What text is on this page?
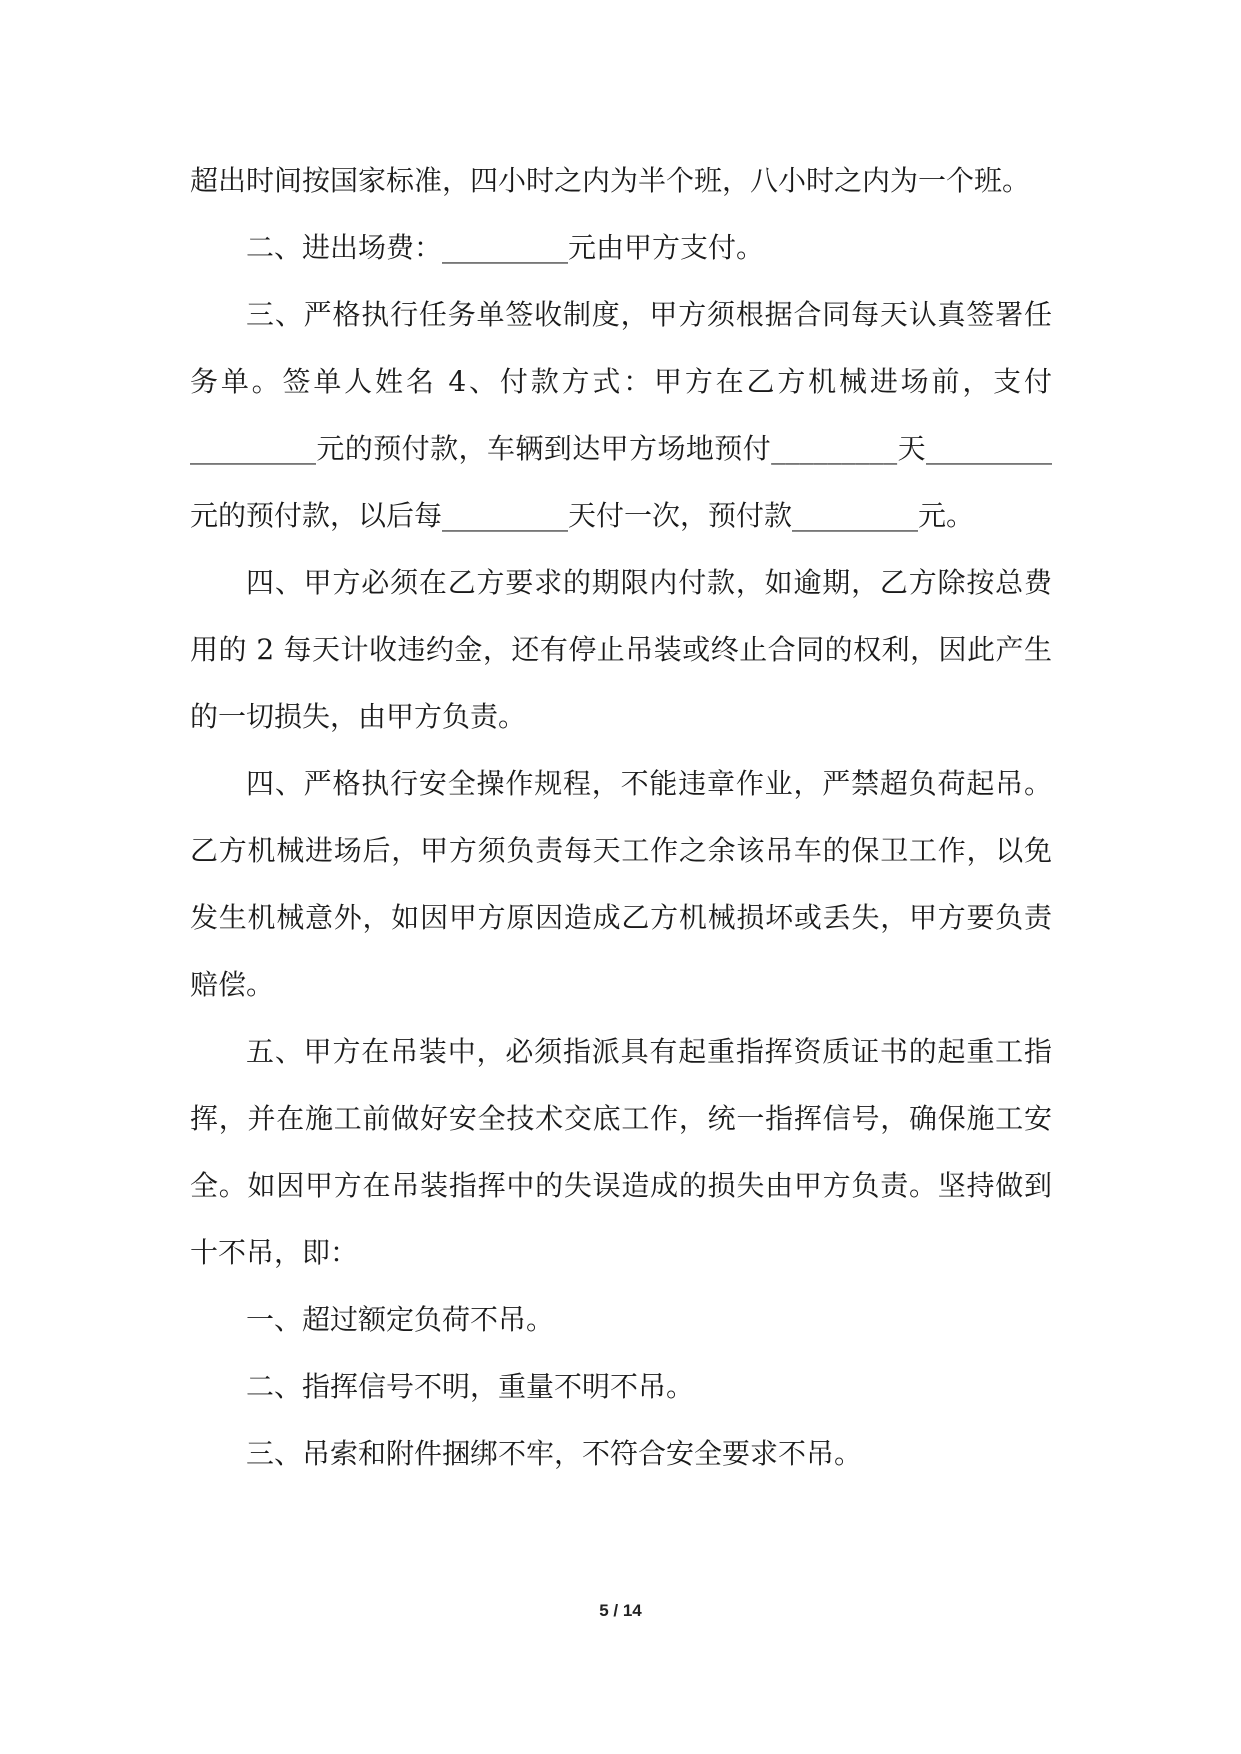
超出时间按国家标准，四小时之内为半个班，八小时之内为一个班。

二、进出场费：_________元由甲方支付。

三、严格执行任务单签收制度，甲方须根据合同每天认真签署任务单。签单人姓名 4、付款方式：甲方在乙方机械进场前，支付_________元的预付款，车辆到达甲方场地预付_________天_________元的预付款，以后每_________天付一次，预付款_________元。

四、甲方必须在乙方要求的期限内付款，如逾期，乙方除按总费用的 2 每天计收违约金，还有停止吊装或终止合同的权利，因此产生的一切损失，由甲方负责。

四、严格执行安全操作规程，不能违章作业，严禁超负荷起吊。乙方机械进场后，甲方须负责每天工作之余该吊车的保卫工作，以免发生机械意外，如因甲方原因造成乙方机械损坏或丢失，甲方要负责赔偿。

五、甲方在吊装中，必须指派具有起重指挥资质证书的起重工指挥，并在施工前做好安全技术交底工作，统一指挥信号，确保施工安全。如因甲方在吊装指挥中的失误造成的损失由甲方负责。坚持做到十不吊，即：

一、超过额定负荷不吊。

二、指挥信号不明，重量不明不吊。

三、吊索和附件捆绑不牢，不符合安全要求不吊。

5 / 14
